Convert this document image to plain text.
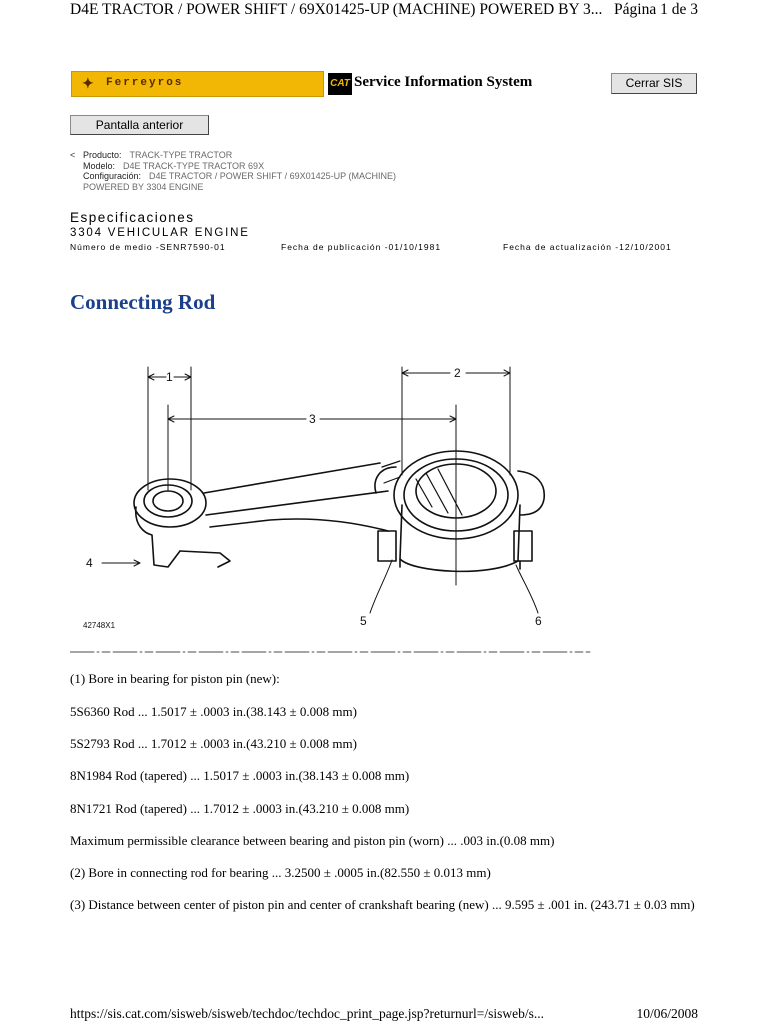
D4E TRACTOR / POWER SHIFT / 69X01425-UP (MACHINE) POWERED BY 3... Página 1 de 3
✦ Ferreyros	CAT Service Information System	Cerrar SIS
Pantalla anterior
Producto: TRACK-TYPE TRACTOR
Modelo: D4E TRACK-TYPE TRACTOR 69X
Configuración: D4E TRACTOR / POWER SHIFT / 69X01425-UP (MACHINE)
POWERED BY 3304 ENGINE
Especificaciones
3304 VEHICULAR ENGINE
Número de medio -SENR7590-01	Fecha de publicación -01/10/1981	Fecha de actualización -12/10/2001
Connecting Rod
1	2
3
4
5	6
42748X1
(1) Bore in bearing for piston pin (new):
5S6360 Rod ... 1.5017 ± .0003 in.(38.143 ± 0.008 mm)
5S2793 Rod ... 1.7012 ± .0003 in.(43.210 ± 0.008 mm)
8N1984 Rod (tapered) ... 1.5017 ± .0003 in.(38.143 ± 0.008 mm)
8N1721 Rod (tapered) ... 1.7012 ± .0003 in.(43.210 ± 0.008 mm)
Maximum permissible clearance between bearing and piston pin (worn) ... .003 in.(0.08 mm)
(2) Bore in connecting rod for bearing ... 3.2500 ± .0005 in.(82.550 ± 0.013 mm)
(3) Distance between center of piston pin and center of crankshaft bearing (new) ... 9.595 ± .001 in. (243.71 ± 0.03 mm)
https://sis.cat.com/sisweb/sisweb/techdoc/techdoc_print_page.jsp?returnurl=/sisweb/s...	10/06/2008
<
